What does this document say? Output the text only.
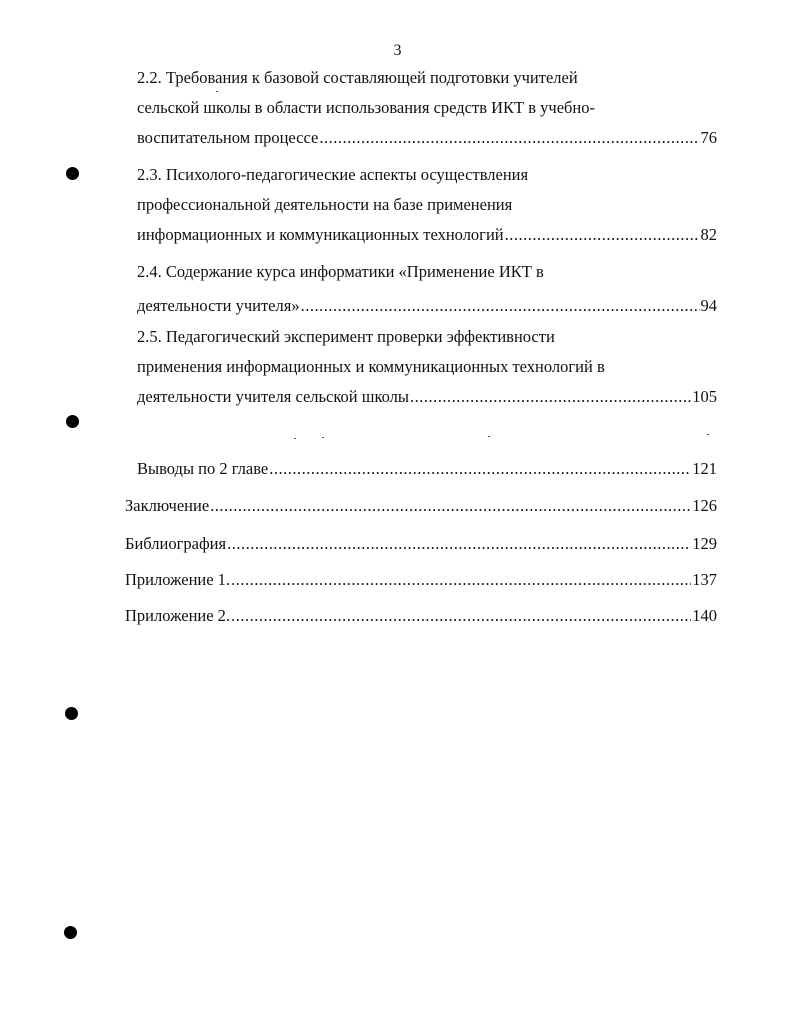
3
2.2. Требования к базовой составляющей подготовки учителей
сельской школы в области использования средств ИКТ в учебно-
воспитательном процессе .....	76
2.3. Психолого-педагогические аспекты осуществления
профессиональной деятельности на базе применения
информационных и коммуникационных технологий .....	82
2.4. Содержание курса информатики «Применение ИКТ в
деятельности учителя» .....	94
2.5. Педагогический эксперимент проверки эффективности
применения информационных и коммуникационных технологий в
деятельности учителя сельской школы .....	105
Выводы по 2 главе .....	121
Заключение .....	126
Библиография .....	129
Приложение 1. .....	137
Приложение 2. .....	140
